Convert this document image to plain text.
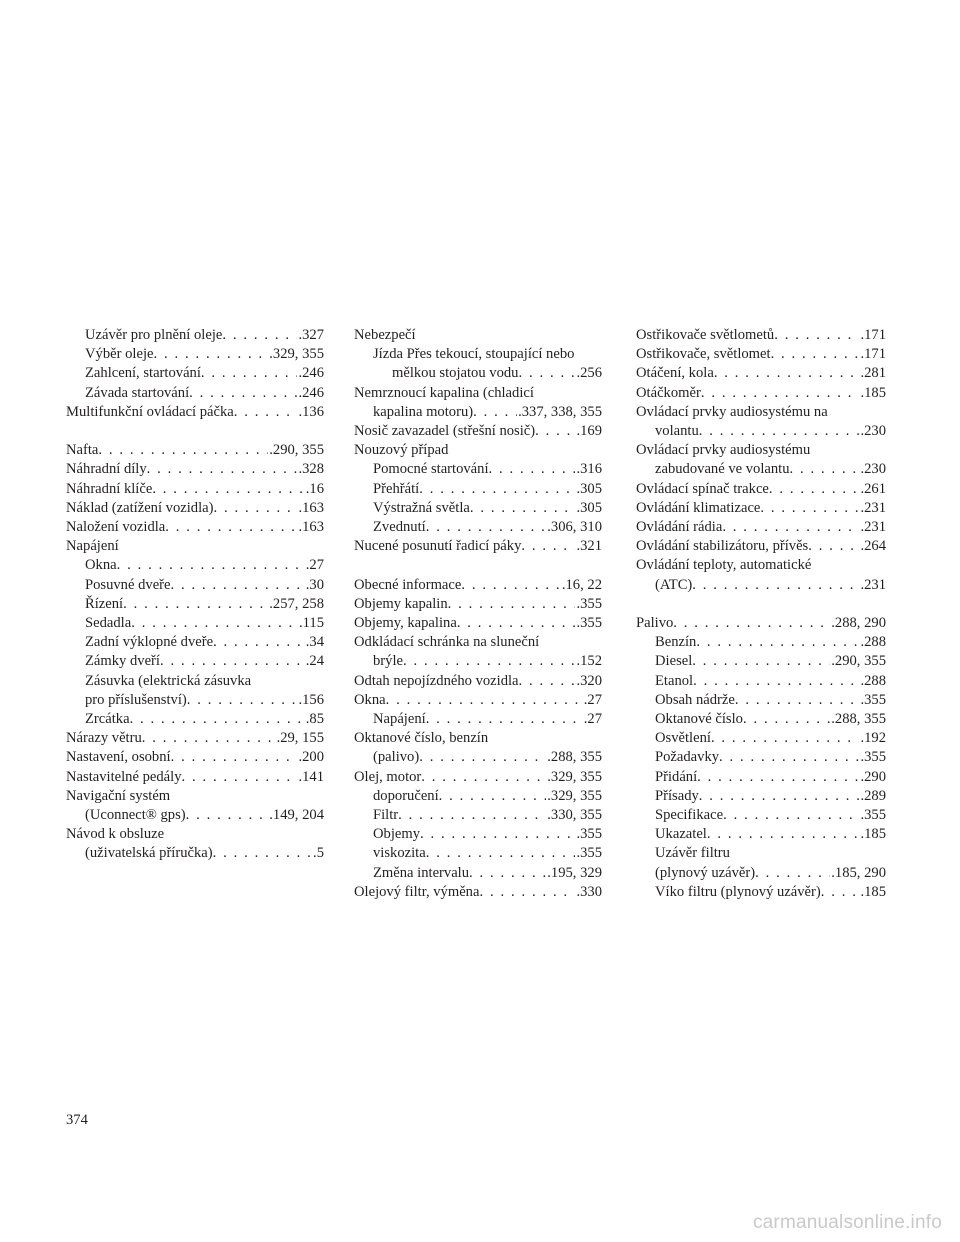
Uzávěr pro plnění oleje . . .	.327
Výběr oleje . . .	.329, 355
Zahlcení, startování . . .	.246
Závada startování . . .	.246
Multifunkční ovládací páčka . . .	.136
Nafta . . .	.290, 355
Náhradní díly . . .	.328
Náhradní klíče . . .	.16
Náklad (zatížení vozidla) . . .	.163
Naložení vozidla . . .	.163
Napájení
Okna . . .	.27
Posuvné dveře . . .	.30
Řízení . . .	.257, 258
Sedadla . . .	.115
Zadní výklopné dveře . . .	.34
Zámky dveří . . .	.24
Zásuvka (elektrická zásuvka
pro příslušenství) . . .	.156
Zrcátka . . .	.85
Nárazy větru . . .	.29, 155
Nastavení, osobní . . .	.200
Nastavitelné pedály . . .	.141
Navigační systém
(Uconnect® gps) . . .	.149, 204
Návod k obsluze
(uživatelská příručka) . . .	.5
Nebezpečí
Jízda Přes tekoucí, stoupající nebo
mělkou stojatou vodu . . .	.256
Nemrznoucí kapalina (chladicí
kapalina motoru) . . .	.337, 338, 355
Nosič zavazadel (střešní nosič) . . .	.169
Nouzový případ
Pomocné startování . . .	.316
Přehřátí . . .	.305
Výstražná světla . . .	.305
Zvednutí . . .	.306, 310
Nucené posunutí řadicí páky . . .	.321
Obecné informace . . .	.16, 22
Objemy kapalin . . .	.355
Objemy, kapalina . . .	.355
Odkládací schránka na sluneční
brýle . . .	.152
Odtah nepojízdného vozidla . . .	.320
Okna . . .	.27
Napájení . . .	.27
Oktanové číslo, benzín
(palivo) . . .	.288, 355
Olej, motor . . .	.329, 355
doporučení . . .	.329, 355
Filtr . . .	.330, 355
Objemy . . .	.355
viskozita . . .	.355
Změna intervalu . . .	.195, 329
Olejový filtr, výměna . . .	.330
Ostřikovače světlometů . . .	.171
Ostřikovače, světlomet . . .	.171
Otáčení, kola . . .	.281
Otáčkoměr . . .	.185
Ovládací prvky audiosystému na
volantu . . .	.230
Ovládací prvky audiosystému
zabudované ve volantu . . .	.230
Ovládací spínač trakce . . .	.261
Ovládání klimatizace . . .	.231
Ovládání rádia . . .	.231
Ovládání stabilizátoru, přívěs . . .	.264
Ovládání teploty, automatické
(ATC) . . .	.231
Palivo . . .	.288, 290
Benzín . . .	.288
Diesel . . .	.290, 355
Etanol . . .	.288
Obsah nádrže . . .	.355
Oktanové číslo . . .	.288, 355
Osvětlení . . .	.192
Požadavky . . .	.355
Přidání . . .	.290
Přísady . . .	.289
Specifikace . . .	.355
Ukazatel . . .	.185
Uzávěr filtru
(plynový uzávěr) . . .	.185, 290
Víko filtru (plynový uzávěr) . . .	.185
374
carmanualsonline.info
